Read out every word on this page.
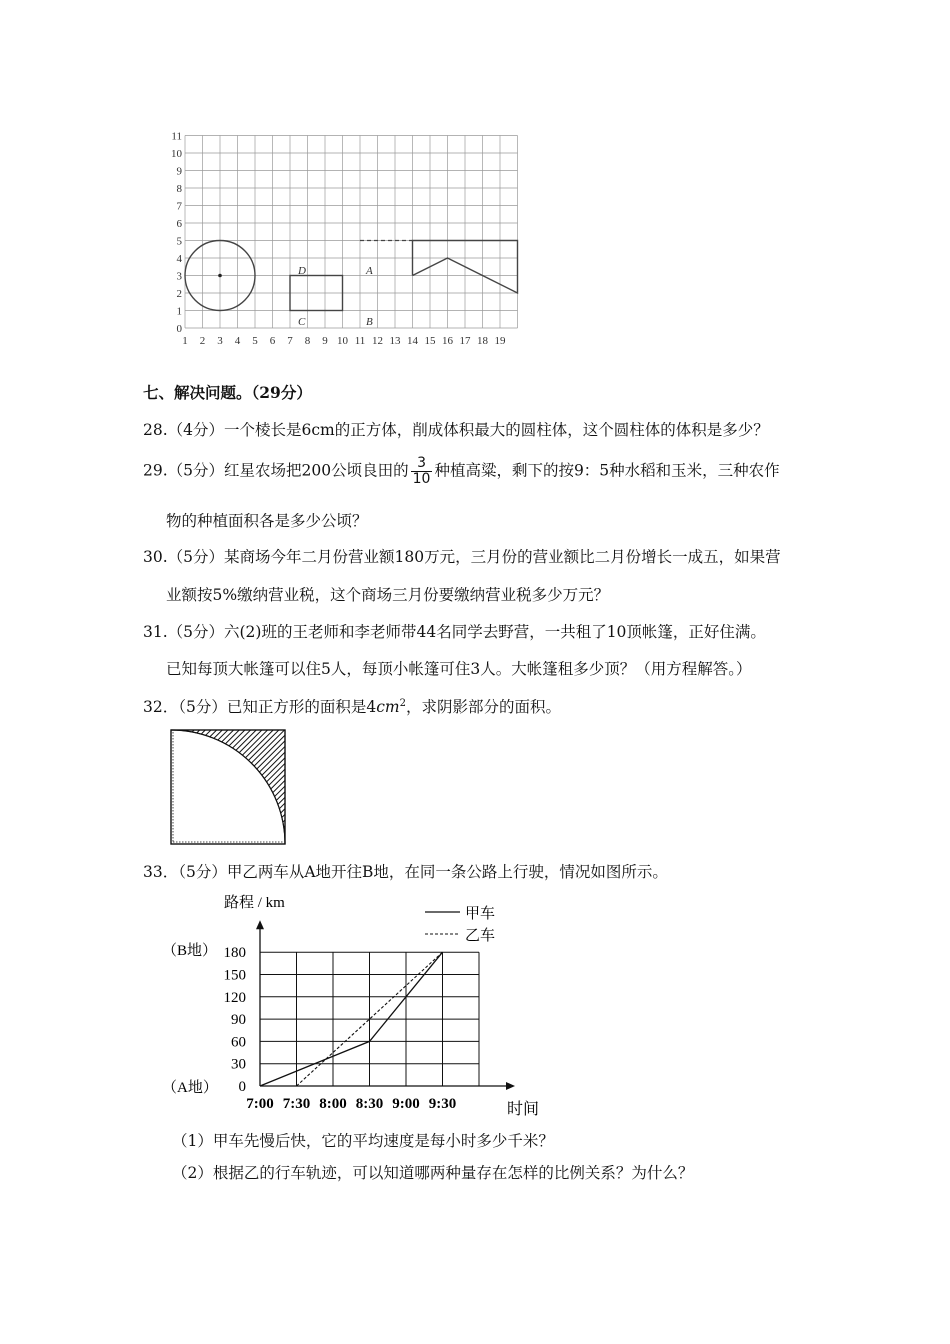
0
1
2
3
4
5
6
7
8
9
10
11
1 2 3 4 5 6 7 8 9 10 11 12 13 14 15 16 17 18 19
D	A
C	B
七、解决问题。（29分）
28.（4分）一个棱长是6cm的正方体，削成体积最大的圆柱体，这个圆柱体的体积是多少？
29.（5分）红星农场把200公顷良田的 $\frac{3}{10}$ 种植高粱，剩下的按9：5种水稻和玉米，三种农作
物的种植面积各是多少公顷？
30.（5分）某商场今年二月份营业额180万元，三月份的营业额比二月份增长一成五，如果营
业额按5%缴纳营业税，这个商场三月份要缴纳营业税多少万元？
31.（5分）六(2)班的王老师和李老师带44名同学去野营，一共租了10顶帐篷，正好住满。
已知每顶大帐篷可以住5人，每顶小帐篷可住3人。大帐篷租多少顶？（用方程解答。）
32．（5分）已知正方形的面积是$4cm^2$，求阴影部分的面积。
33．（5分）甲乙两车从A地开往B地，在同一条公路上行驶，情况如图所示。
路程 / km
甲车
乙车
（B地）
（A地） 0
30
60
90
120
150
180
7:00 7:30 8:00 8:30 9:00 9:30	时间
（1）甲车先慢后快，它的平均速度是每小时多少千米？
（2）根据乙的行车轨迹，可以知道哪两种量存在怎样的比例关系？为什么？
